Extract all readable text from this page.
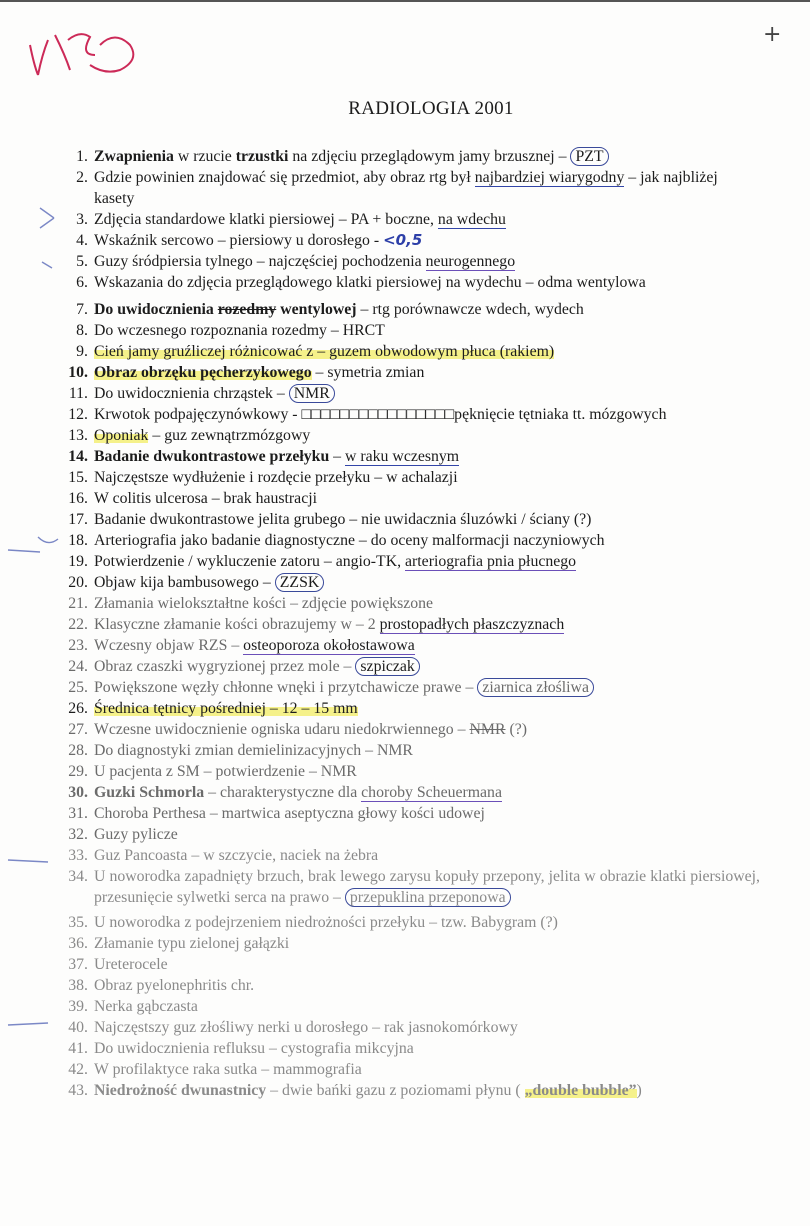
+
RADIOLOGIA 2001
1. Zwapnienia w rzucie trzustki na zdjęciu przeglądowym jamy brzusznej – PZT
2. Gdzie powinien znajdować się przedmiot, aby obraz rtg był najbardziej wiarygodny – jak najbliżej kasety
3. Zdjęcia standardowe klatki piersiowej – PA + boczne, na wdechu
4. Wskaźnik sercowo – piersiowy u dorosłego - <0,5
5. Guzy śródpiersia tylnego – najczęściej pochodzenia neurogennego
6. Wskazania do zdjęcia przeglądowego klatki piersiowej na wydechu – odma wentylowa
7. Do uwidocznienia rozedmy wentylowej – rtg porównawcze wdech, wydech
8. Do wczesnego rozpoznania rozedmy – HRCT
9. Cień jamy gruźliczej różnicować z – guzem obwodowym płuca (rakiem)
10. Obraz obrzęku pęcherzykowego – symetria zmian
11. Do uwidocznienia chrząstek – NMR
12. Krwotok podpajęczynówkowy - □□□□□□□□□□□□□□□□pęknięcie tętniaka tt. mózgowych
13. Oponiak – guz zewnątrzmózgowy
14. Badanie dwukontrastowe przełyku – w raku wczesnym
15. Najczęstsze wydłużenie i rozdęcie przełyku – w achalazji
16. W colitis ulcerosa – brak haustracji
17. Badanie dwukontrastowe jelita grubego – nie uwidacznia śluzówki / ściany (?)
18. Arteriografia jako badanie diagnostyczne – do oceny malformacji naczyniowych
19. Potwierdzenie / wykluczenie zatoru – angio-TK, arteriografia pnia płucnego
20. Objaw kija bambusowego – ZZSK
21. Złamania wielokształtne kości – zdjęcie powiększone
22. Klasyczne złamanie kości obrazujemy w – 2 prostopadłych płaszczyznach
23. Wczesny objaw RZS – osteoporoza okołostawowa
24. Obraz czaszki wygryzionej przez mole – szpiczak
25. Powiększone węzły chłonne wnęki i przytchawicze prawe – ziarnica złośliwa
26. Średnica tętnicy pośredniej – 12 – 15 mm
27. Wczesne uwidocznienie ogniska udaru niedokrwiennego – NMR (?)
28. Do diagnostyki zmian demielinizacyjnych – NMR
29. U pacjenta z SM – potwierdzenie – NMR
30. Guzki Schmorla – charakterystyczne dla choroby Scheuermana
31. Choroba Perthesa – martwica aseptyczna głowy kości udowej
32. Guzy pylicze
33. Guz Pancoasta – w szczycie, naciek na żebra
34. U noworodka zapadnięty brzuch, brak lewego zarysu kopuły przepony, jelita w obrazie klatki piersiowej, przesunięcie sylwetki serca na prawo – przepuklina przeponowa
35. U noworodka z podejrzeniem niedrożności przełyku – tzw. Babygram (?)
36. Złamanie typu zielonej gałązki
37. Ureterocele
38. Obraz pyelonephritis chr.
39. Nerka gąbczasta
40. Najczęstszy guz złośliwy nerki u dorosłego – rak jasnokomórkowy
41. Do uwidocznienia refluksu – cystografia mikcyjna
42. W profilaktyce raka sutka – mammografia
43. Niedrożność dwunastnicy – dwie bańki gazu z poziomami płynu ( „double bubble”)
